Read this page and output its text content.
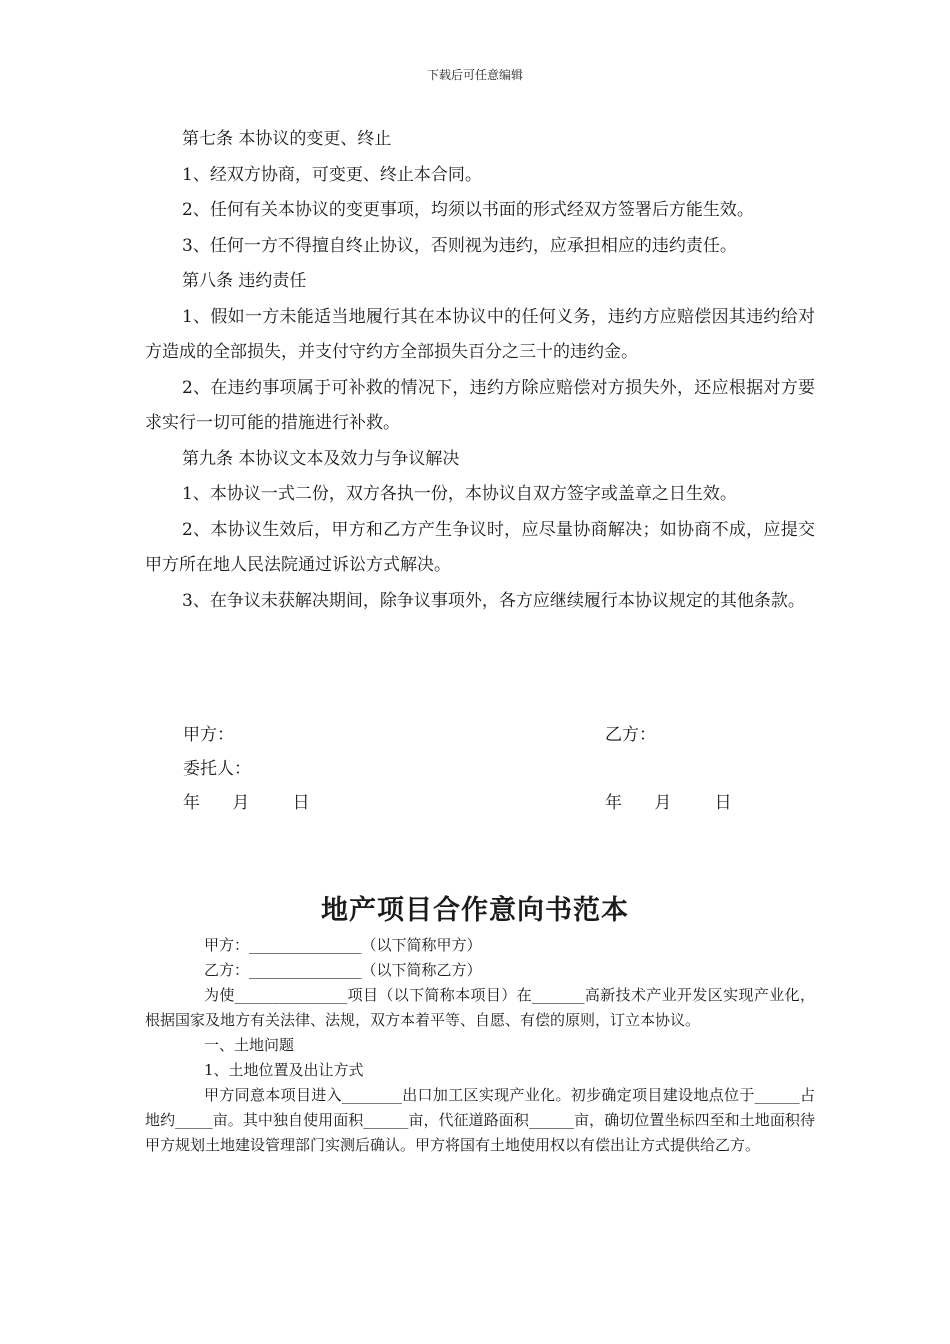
下载后可任意编辑

第七条 本协议的变更、终止

1、经双方协商，可变更、终止本合同。

2、任何有关本协议的变更事项，均须以书面的形式经双方签署后方能生效。

3、任何一方不得擅自终止协议，否则视为违约，应承担相应的违约责任。

第八条 违约责任

1、假如一方未能适当地履行其在本协议中的任何义务，违约方应赔偿因其违约给对方造成的全部损失，并支付守约方全部损失百分之三十的违约金。

2、在违约事项属于可补救的情况下，违约方除应赔偿对方损失外，还应根据对方要求实行一切可能的措施进行补救。

第九条 本协议文本及效力与争议解决

1、本协议一式二份，双方各执一份，本协议自双方签字或盖章之日生效。

2、本协议生效后，甲方和乙方产生争议时，应尽量协商解决；如协商不成，应提交甲方所在地人民法院通过诉讼方式解决。

3、在争议未获解决期间，除争议事项外，各方应继续履行本协议规定的其他条款。

甲方：
委托人：
年      月        日
乙方：
年      月        日
地产项目合作意向书范本

甲方：_______________（以下简称甲方）

乙方：_______________（以下简称乙方）

为使_______________项目（以下简称本项目）在_______高新技术产业开发区实现产业化，根据国家及地方有关法律、法规，双方本着平等、自愿、有偿的原则，订立本协议。

一、土地问题

1、土地位置及出让方式

甲方同意本项目进入________出口加工区实现产业化。初步确定项目建设地点位于______占地约_____亩。其中独自使用面积______亩，代征道路面积______亩，确切位置坐标四至和土地面积待甲方规划土地建设管理部门实测后确认。甲方将国有土地使用权以有偿出让方式提供给乙方。
